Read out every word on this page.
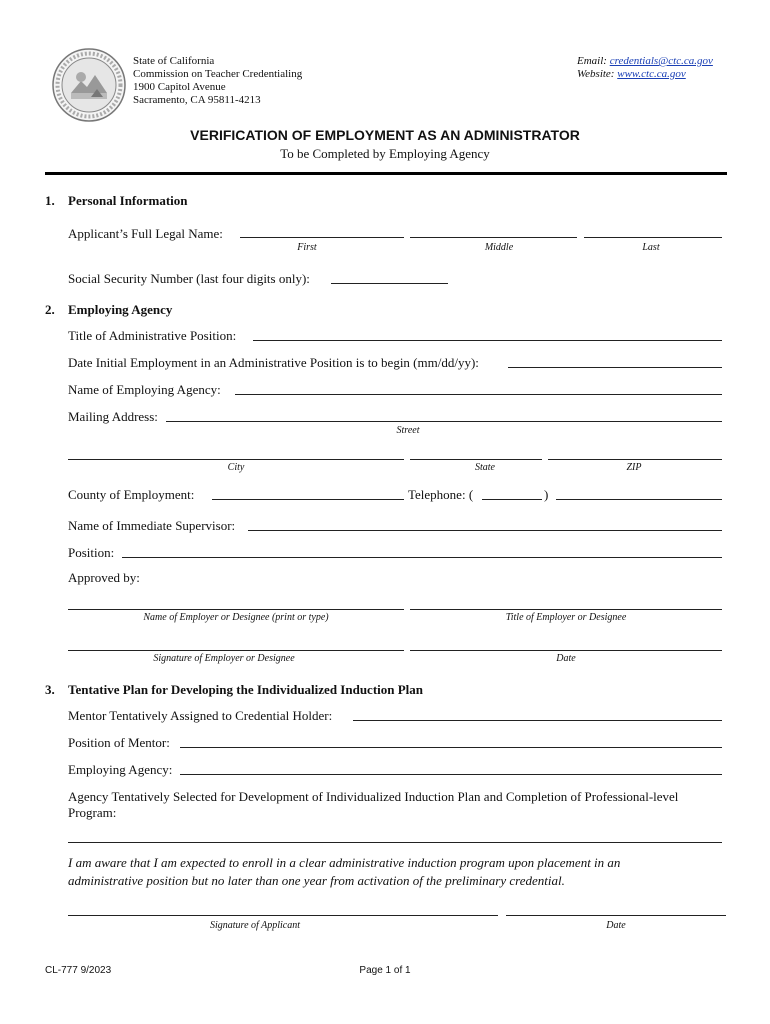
State of California
Commission on Teacher Credentialing
1900 Capitol Avenue
Sacramento, CA 95811-4213
Email: credentials@ctc.ca.gov
Website: www.ctc.ca.gov
VERIFICATION OF EMPLOYMENT AS AN ADMINISTRATOR
To be Completed by Employing Agency
1. Personal Information
Applicant’s Full Legal Name:
First	Middle	Last
Social Security Number (last four digits only):
2. Employing Agency
Title of Administrative Position:
Date Initial Employment in an Administrative Position is to begin (mm/dd/yy):
Name of Employing Agency:
Mailing Address:
Street
City	State	ZIP
County of Employment:	Telephone: (	)
Name of Immediate Supervisor:
Position:
Approved by:
Name of Employer or Designee (print or type)	Title of Employer or Designee
Signature of Employer or Designee	Date
3. Tentative Plan for Developing the Individualized Induction Plan
Mentor Tentatively Assigned to Credential Holder:
Position of Mentor:
Employing Agency:
Agency Tentatively Selected for Development of Individualized Induction Plan and Completion of Professional-level
Program:
I am aware that I am expected to enroll in a clear administrative induction program upon placement in an
administrative position but no later than one year from activation of the preliminary credential.
Signature of Applicant	Date
CL-777 9/2023	Page 1 of 1
